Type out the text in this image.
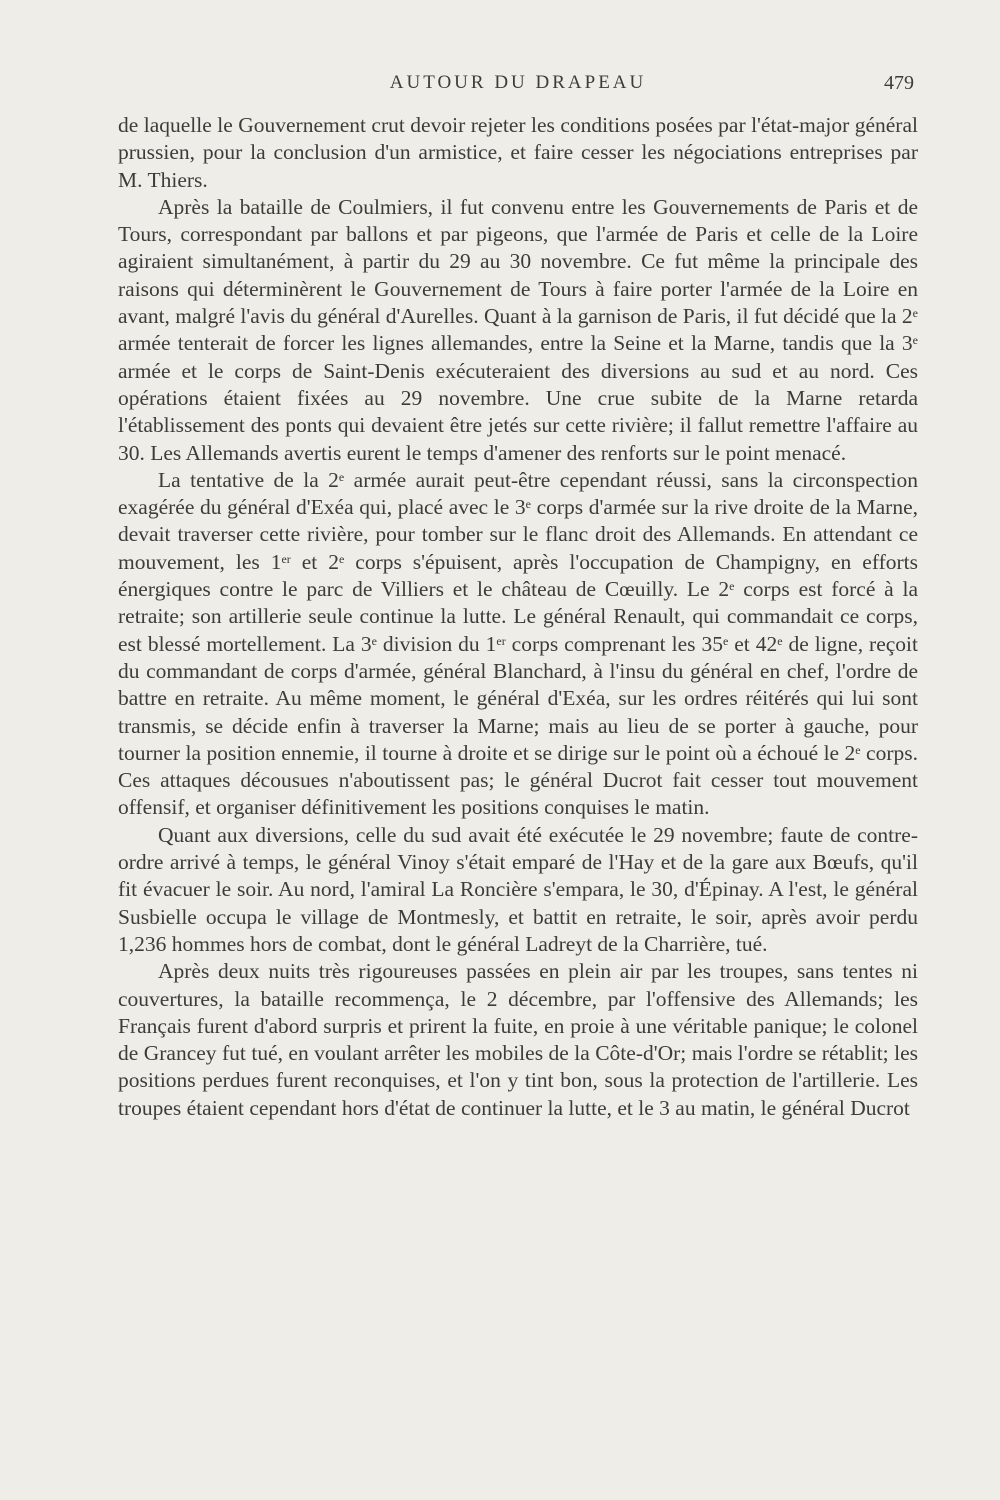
AUTOUR DU DRAPEAU	479

de laquelle le Gouvernement crut devoir rejeter les conditions posées par l'état-major général prussien, pour la conclusion d'un armistice, et faire cesser les négociations entreprises par M. Thiers.

Après la bataille de Coulmiers, il fut convenu entre les Gouvernements de Paris et de Tours, correspondant par ballons et par pigeons, que l'armée de Paris et celle de la Loire agiraient simultanément, à partir du 29 au 30 novembre. Ce fut même la principale des raisons qui déterminèrent le Gouvernement de Tours à faire porter l'armée de la Loire en avant, malgré l'avis du général d'Aurelles. Quant à la garnison de Paris, il fut décidé que la 2e armée tenterait de forcer les lignes allemandes, entre la Seine et la Marne, tandis que la 3e armée et le corps de Saint-Denis exécuteraient des diversions au sud et au nord. Ces opérations étaient fixées au 29 novembre. Une crue subite de la Marne retarda l'établissement des ponts qui devaient être jetés sur cette rivière; il fallut remettre l'affaire au 30. Les Allemands avertis eurent le temps d'amener des renforts sur le point menacé.

La tentative de la 2e armée aurait peut-être cependant réussi, sans la circonspection exagérée du général d'Exéa qui, placé avec le 3e corps d'armée sur la rive droite de la Marne, devait traverser cette rivière, pour tomber sur le flanc droit des Allemands. En attendant ce mouvement, les 1er et 2e corps s'épuisent, après l'occupation de Champigny, en efforts énergiques contre le parc de Villiers et le château de Cœuilly. Le 2e corps est forcé à la retraite; son artillerie seule continue la lutte. Le général Renault, qui commandait ce corps, est blessé mortellement. La 3e division du 1er corps comprenant les 35e et 42e de ligne, reçoit du commandant de corps d'armée, général Blanchard, à l'insu du général en chef, l'ordre de battre en retraite. Au même moment, le général d'Exéa, sur les ordres réitérés qui lui sont transmis, se décide enfin à traverser la Marne; mais au lieu de se porter à gauche, pour tourner la position ennemie, il tourne à droite et se dirige sur le point où a échoué le 2e corps. Ces attaques décousues n'aboutissent pas; le général Ducrot fait cesser tout mouvement offensif, et organiser définitivement les positions conquises le matin.

Quant aux diversions, celle du sud avait été exécutée le 29 novembre; faute de contre-ordre arrivé à temps, le général Vinoy s'était emparé de l'Hay et de la gare aux Bœufs, qu'il fit évacuer le soir. Au nord, l'amiral La Roncière s'empara, le 30, d'Épinay. A l'est, le général Susbielle occupa le village de Montmesly, et battit en retraite, le soir, après avoir perdu 1,236 hommes hors de combat, dont le général Ladreyt de la Charrière, tué.

Après deux nuits très rigoureuses passées en plein air par les troupes, sans tentes ni couvertures, la bataille recommença, le 2 décembre, par l'offensive des Allemands; les Français furent d'abord surpris et prirent la fuite, en proie à une véritable panique; le colonel de Grancey fut tué, en voulant arrêter les mobiles de la Côte-d'Or; mais l'ordre se rétablit; les positions perdues furent reconquises, et l'on y tint bon, sous la protection de l'artillerie. Les troupes étaient cependant hors d'état de continuer la lutte, et le 3 au matin, le général Ducrot
